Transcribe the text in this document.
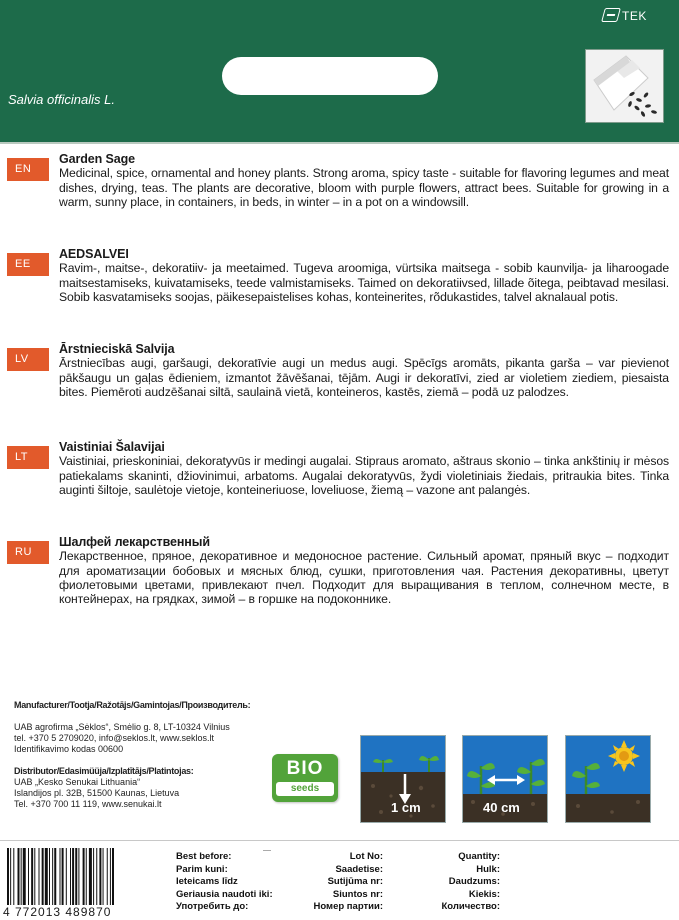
TEK
Salvia officinalis L.
EN
Garden Sage

Medicinal, spice, ornamental and honey plants. Strong aroma, spicy taste - suitable for flavoring legumes and meat dishes, drying, teas. The plants are decorative, bloom with purple flowers, attract bees. Suitable for growing in a warm, sunny place, in containers, in beds, in winter – in a pot on a windowsill.

EE
AEDSALVEI

Ravim-, maitse-, dekoratiiv- ja meetaimed. Tugeva aroomiga, vürtsika maitsega - sobib kaunvilja- ja liharoogade maitsestamiseks, kuivatamiseks, teede valmistamiseks. Taimed on dekoratiivsed, lillade õitega, peibtavad mesilasi. Sobib kasvatamiseks soojas, päikesepaistelises kohas, konteinerites, rõdukastides, talvel aknalaual potis.

LV
Ārstnieciskā Salvija

Ārstniecības augi, garšaugi, dekoratīvie augi un medus augi. Spēcīgs aromāts, pikanta garša – var pievienot pākšaugu un gaļas ēdieniem, izmantot žāvēšanai, tējām. Augi ir dekoratīvi, zied ar violetiem ziediem, piesaista bites. Piemēroti audzēšanai siltā, saulainā vietā, konteineros, kastēs, ziemā – podā uz palodzes.

LT
Vaistiniai Šalavijai

Vaistiniai, prieskoniniai, dekoratyvūs ir medingi augalai. Stipraus aromato, aštraus skonio – tinka ankštinių ir mėsos patiekalams skaninti, džiovinimui, arbatoms. Augalai dekoratyvūs, žydi violetiniais žiedais, pritraukia bites. Tinka auginti šiltoje, saulėtoje vietoje, konteineriuose, loveliuose, žiemą – vazone ant palangės.

RU
Шалфей лекарственный

Лекарственное, пряное, декоративное и медоносное растение. Сильный аромат, пряный вкус – подходит для ароматизации бобовых и мясных блюд, сушки, приготовления чая. Растения декоративны, цветут фиолетовыми цветами, привлекают пчел. Подходит для выращивания в теплом, солнечном месте, в контейнерах, на грядках, зимой – в горшке на подоконнике.

Manufacturer/Tootja/Ražotājs/Gamintojas/Производитель:
UAB agrofirma „Sėklos“, Smėlio g. 8, LT-10324 Vilnius
tel. +370 5 2709020, info@seklos.lt, www.seklos.lt
Identifikavimo kodas 00600
Distributor/Edasimüüja/Izplatītājs/Platintojas:
UAB „Kesko Senukai Lithuania“
Islandijos pl. 32B, 51500 Kaunas, Lietuva
Tel. +370 700 11 119, www.senukai.lt
BIO
seeds
1 cm	40 cm
4 772013 489870
Best before:
Parim kuni:
Ieteicams līdz
Geriausia naudoti iki:
Употребить до:
Lot No:
Saadetise:
Sutijūma nr:
Siuntos nr:
Номер партии:
Quantity:
Hulk:
Daudzums:
Kiekis:
Количество:
